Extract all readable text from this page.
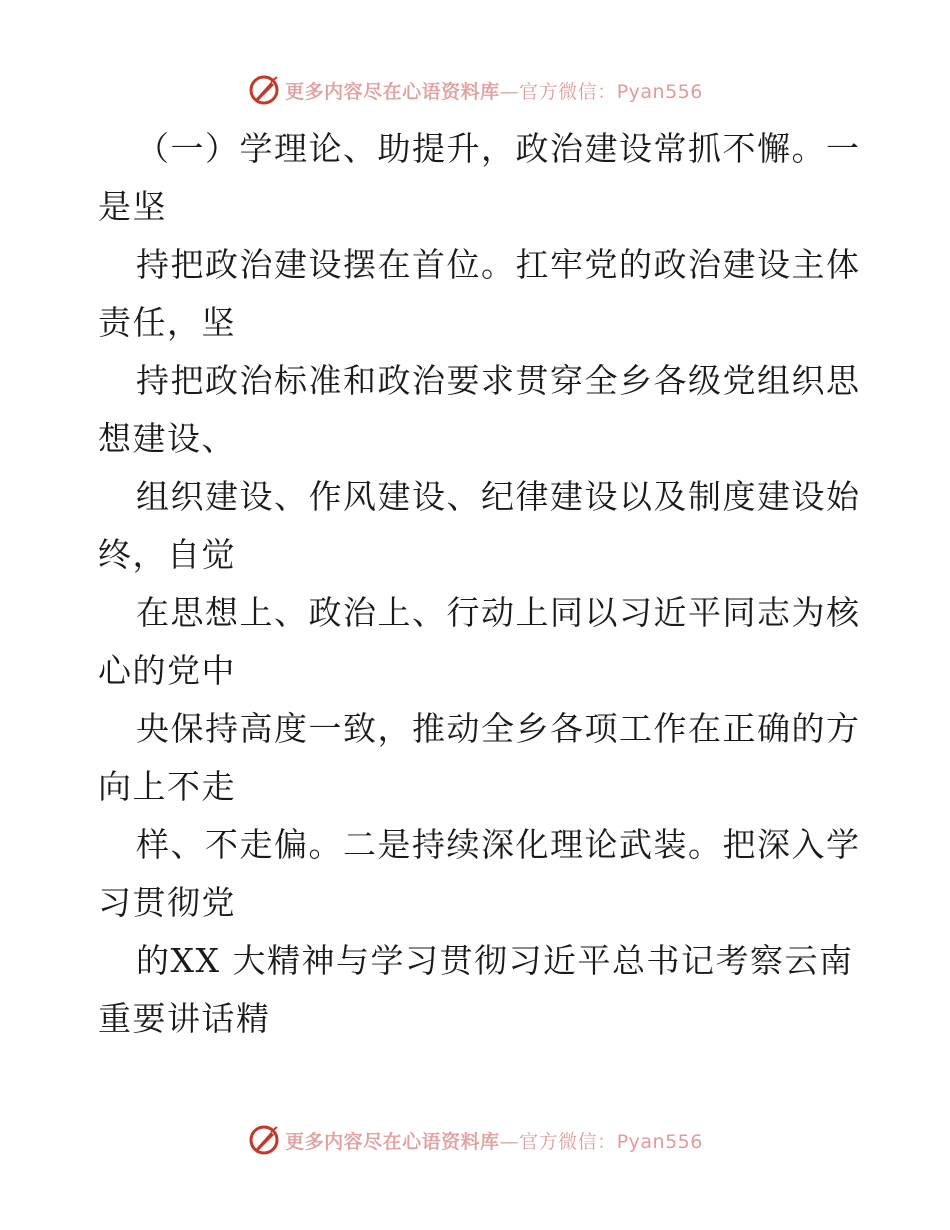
更多内容尽在心语资料库—官方微信：Pyan556
（一）学理论、助提升，政治建设常抓不懈。一
是坚
持把政治建设摆在首位。扛牢党的政治建设主体
责任，坚
持把政治标准和政治要求贯穿全乡各级党组织思
想建设、
组织建设、作风建设、纪律建设以及制度建设始
终，自觉
在思想上、政治上、行动上同以习近平同志为核
心的党中
央保持高度一致，推动全乡各项工作在正确的方
向上不走
样、不走偏。二是持续深化理论武装。把深入学
习贯彻党
的XX 大精神与学习贯彻习近平总书记考察云南
重要讲话精
更多内容尽在心语资料库—官方微信：Pyan556
